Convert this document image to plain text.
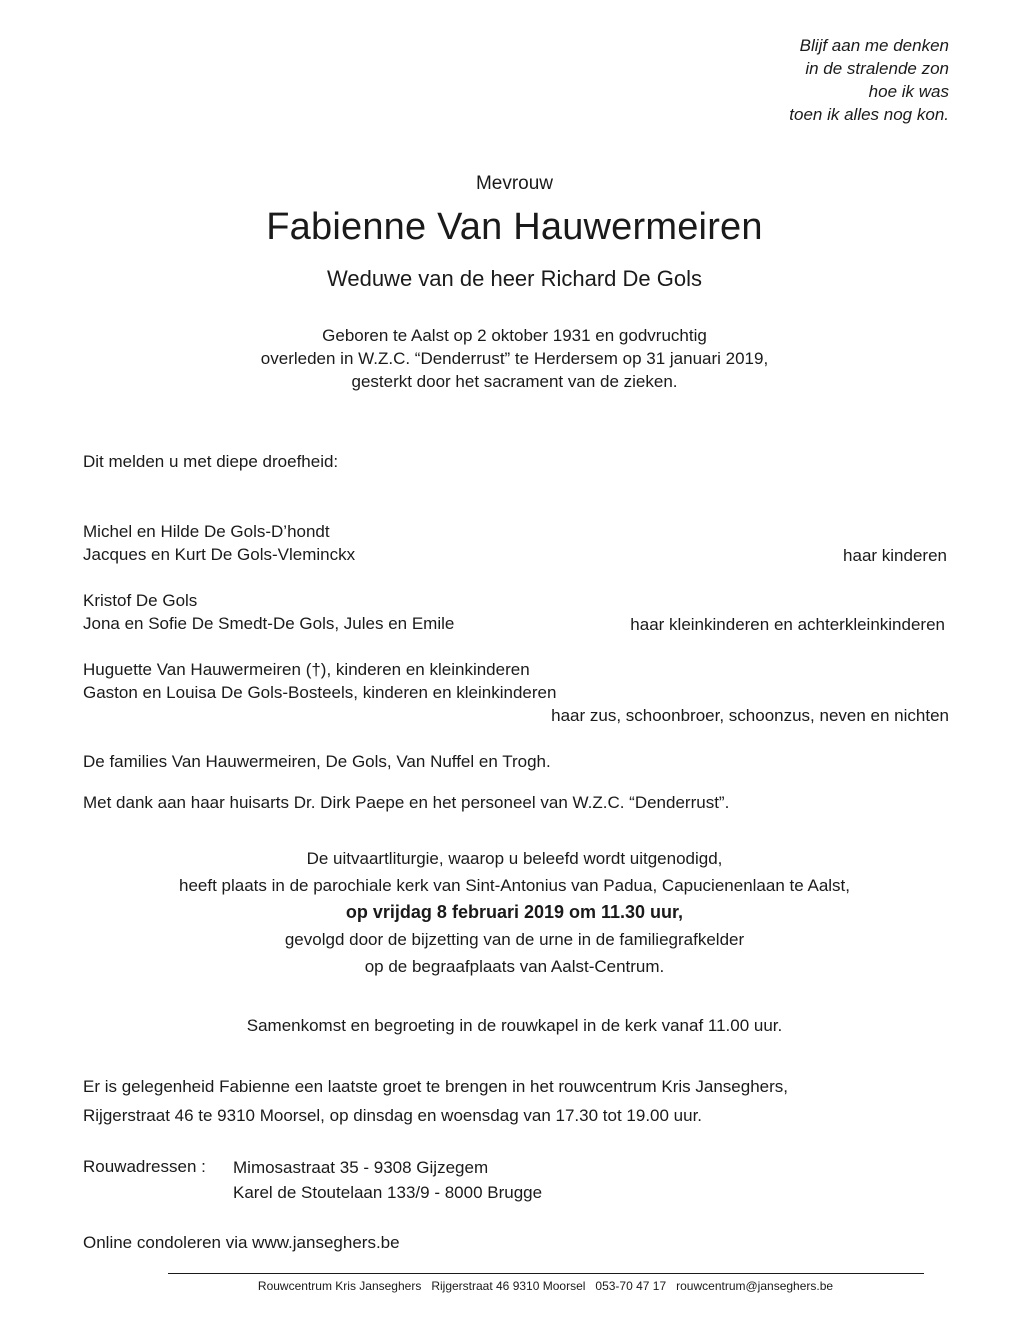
Blijf aan me denken
in de stralende zon
hoe ik was
toen ik alles nog kon.
Mevrouw
Fabienne Van Hauwermeiren
Weduwe van de heer Richard De Gols
Geboren te Aalst op 2 oktober 1931 en godvruchtig
overleden in W.Z.C. “Denderrust” te Herdersem op 31 januari 2019,
gesterkt door het sacrament van de zieken.
Dit melden u met diepe droefheid:
Michel en Hilde De Gols-D’hondt
Jacques en Kurt De Gols-Vleminckx	haar kinderen
Kristof De Gols
Jona en Sofie De Smedt-De Gols, Jules en Emile	haar kleinkinderen en achterkleinkinderen
Huguette Van Hauwermeiren (†), kinderen en kleinkinderen
Gaston en Louisa De Gols-Bosteels, kinderen en kleinkinderen
haar zus, schoonbroer, schoonzus, neven en nichten
De families Van Hauwermeiren, De Gols, Van Nuffel en Trogh.
Met dank aan haar huisarts Dr. Dirk Paepe en het personeel van W.Z.C. “Denderrust”.
De uitvaartliturgie, waarop u beleefd wordt uitgenodigd,
heeft plaats in de parochiale kerk van Sint-Antonius van Padua, Capucienenlaan te Aalst,
op vrijdag 8 februari 2019 om 11.30 uur,
gevolgd door de bijzetting van de urne in de familiegrafkelder
op de begraafplaats van Aalst-Centrum.
Samenkomst en begroeting in de rouwkapel in de kerk vanaf 11.00 uur.
Er is gelegenheid Fabienne een laatste groet te brengen in het rouwcentrum Kris Janseghers,
Rijgerstraat 46 te 9310 Moorsel, op dinsdag en woensdag van 17.30 tot 19.00 uur.
Rouwadressen : Mimosastraat 35 - 9308 Gijzegem
Karel de Stoutelaan 133/9 - 8000 Brugge
Online condoleren via www.janseghers.be
Rouwcentrum Kris Janseghers   Rijgerstraat 46 9310 Moorsel   053-70 47 17   rouwcentrum@janseghers.be
